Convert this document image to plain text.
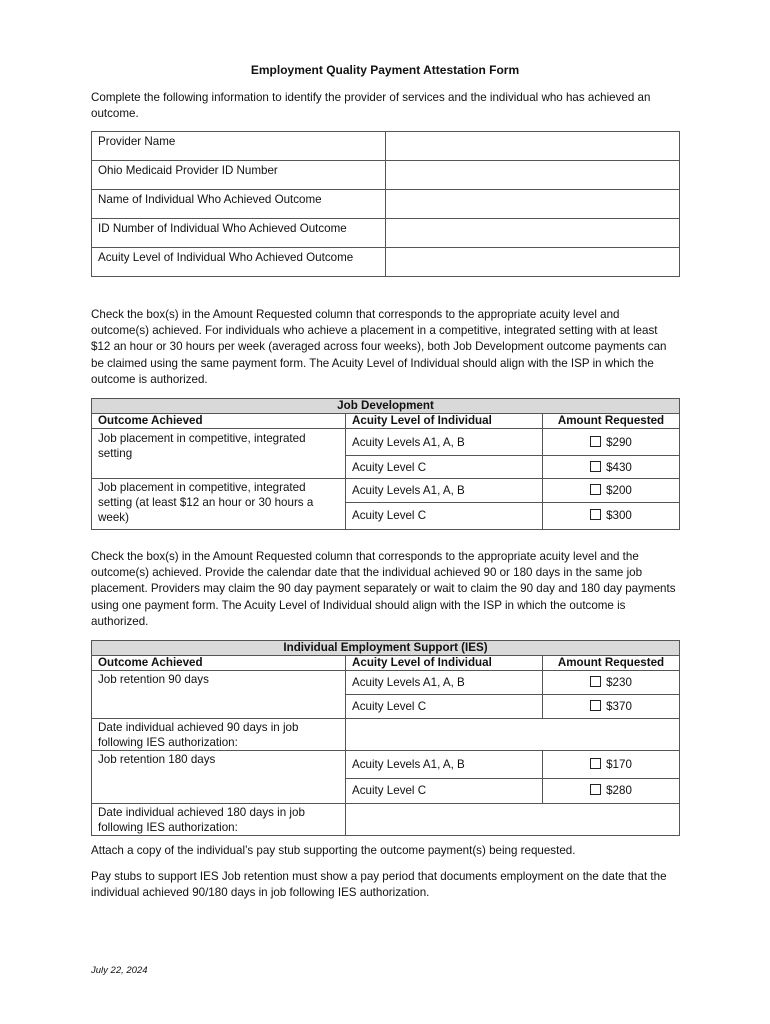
Employment Quality Payment Attestation Form

Complete the following information to identify the provider of services and the individual who has achieved an outcome.

Provider Name	
Ohio Medicaid Provider ID Number	
Name of Individual Who Achieved Outcome	
ID Number of Individual Who Achieved Outcome	
Acuity Level of Individual Who Achieved Outcome	

Check the box(s) in the Amount Requested column that corresponds to the appropriate acuity level and outcome(s) achieved. For individuals who achieve a placement in a competitive, integrated setting with at least $12 an hour or 30 hours per week (averaged across four weeks), both Job Development outcome payments can be claimed using the same payment form. The Acuity Level of Individual should align with the ISP in which the outcome is authorized.

Job Development		
Outcome Achieved	Acuity Level of Individual	Amount Requested
Job placement in competitive, integrated setting	Acuity Levels A1, A, B	$290
	Acuity Level C	$430
Job placement in competitive, integrated setting (at least $12 an hour or 30 hours a week)	Acuity Levels A1, A, B	$200
	Acuity Level C	$300

Check the box(s) in the Amount Requested column that corresponds to the appropriate acuity level and the outcome(s) achieved. Provide the calendar date that the individual achieved 90 or 180 days in the same job placement. Providers may claim the 90 day payment separately or wait to claim the 90 day and 180 day payments using one payment form. The Acuity Level of Individual should align with the ISP in which the outcome is authorized.

Individual Employment Support (IES)		
Outcome Achieved	Acuity Level of Individual	Amount Requested
Job retention 90 days	Acuity Levels A1, A, B	$230
	Acuity Level C	$370
Date individual achieved 90 days in job following IES authorization:		
Job retention 180 days	Acuity Levels A1, A, B	$170
	Acuity Level C	$280
Date individual achieved 180 days in job following IES authorization:		

Attach a copy of the individual’s pay stub supporting the outcome payment(s) being requested.

Pay stubs to support IES Job retention must show a pay period that documents employment on the date that the individual achieved 90/180 days in job following IES authorization.

July 22, 2024
